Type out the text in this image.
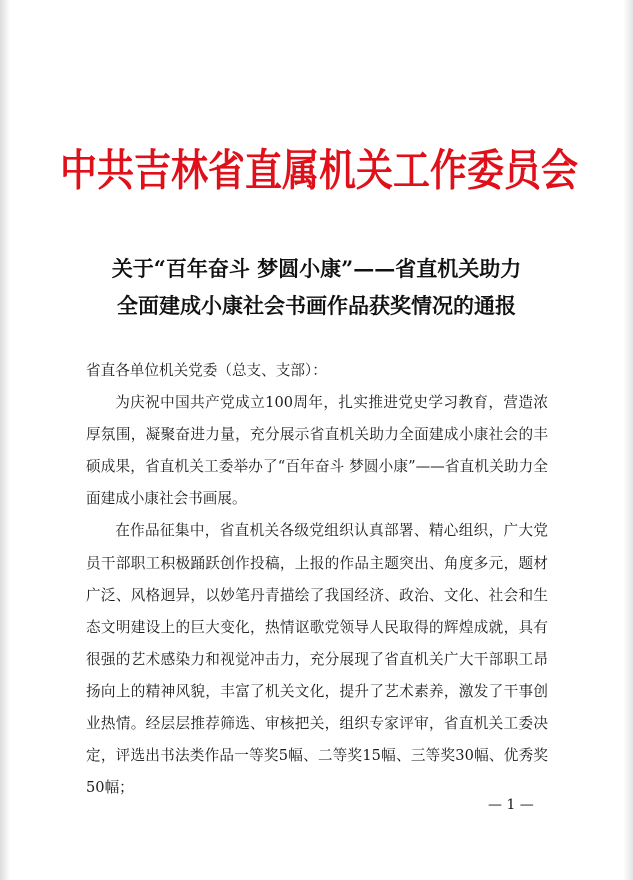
中共吉林省直属机关工作委员会
关于“百年奋斗 梦圆小康”——省直机关助力
全面建成小康社会书画作品获奖情况的通报

省直各单位机关党委（总支、支部）：

为庆祝中国共产党成立100周年，扎实推进党史学习教育，营造浓厚氛围，凝聚奋进力量，充分展示省直机关助力全面建成小康社会的丰硕成果，省直机关工委举办了“百年奋斗 梦圆小康”——省直机关助力全面建成小康社会书画展。

在作品征集中，省直机关各级党组织认真部署、精心组织，广大党员干部职工积极踊跃创作投稿，上报的作品主题突出、角度多元，题材广泛、风格迥异，以妙笔丹青描绘了我国经济、政治、文化、社会和生态文明建设上的巨大变化，热情讴歌党领导人民取得的辉煌成就，具有很强的艺术感染力和视觉冲击力，充分展现了省直机关广大干部职工昂扬向上的精神风貌，丰富了机关文化，提升了艺术素养，激发了干事创业热情。经层层推荐筛选、审核把关，组织专家评审，省直机关工委决定，评选出书法类作品一等奖5幅、二等奖15幅、三等奖30幅、优秀奖50幅；

— 1 —
